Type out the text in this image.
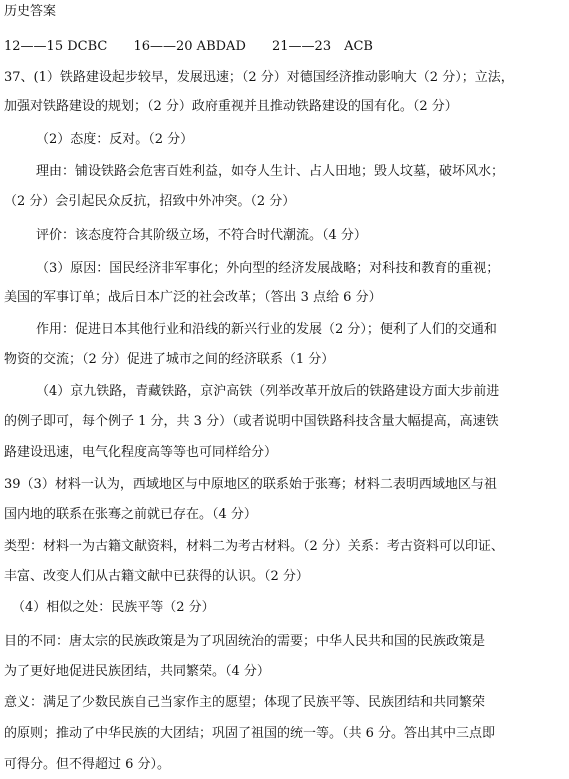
历史答案
12——15 DCBC 16——20 ABDAD 21——23　ACB
37、(1）铁路建设起步较早，发展迅速；（2 分）对德国经济推动影响大（2 分）；立法，
加强对铁路建设的规划；（2 分）政府重视并且推动铁路建设的国有化。（2 分）
（2）态度：反对。（2 分）
理由：铺设铁路会危害百姓利益，如夺人生计、占人田地；毁人坟墓，破坏风水；
（2 分）会引起民众反抗，招致中外冲突。（2 分）
评价：该态度符合其阶级立场，不符合时代潮流。（4 分）
（3）原因：国民经济非军事化；外向型的经济发展战略；对科技和教育的重视；
美国的军事订单；战后日本广泛的社会改革；（答出 3 点给 6 分）
作用：促进日本其他行业和沿线的新兴行业的发展（2 分）；便利了人们的交通和
物资的交流；（2 分）促进了城市之间的经济联系（1 分）
（4）京九铁路，青藏铁路，京沪高铁（列举改革开放后的铁路建设方面大步前进
的例子即可，每个例子 1 分，共 3 分）（或者说明中国铁路科技含量大幅提高，高速铁
路建设迅速，电气化程度高等等也可同样给分）
39（3）材料一认为，西域地区与中原地区的联系始于张骞；材料二表明西域地区与祖
国内地的联系在张骞之前就已存在。（4 分）
类型：材料一为古籍文献资料，材料二为考古材料。（2 分）关系：考古资料可以印证、
丰富、改变人们从古籍文献中已获得的认识。（2 分）
（4）相似之处：民族平等（2 分）
目的不同：唐太宗的民族政策是为了巩固统治的需要；中华人民共和国的民族政策是
为了更好地促进民族团结，共同繁荣。（4 分）
意义：满足了少数民族自己当家作主的愿望；体现了民族平等、民族团结和共同繁荣
的原则；推动了中华民族的大团结；巩固了祖国的统一等。（共 6 分。答出其中三点即
可得分。但不得超过 6 分）。
